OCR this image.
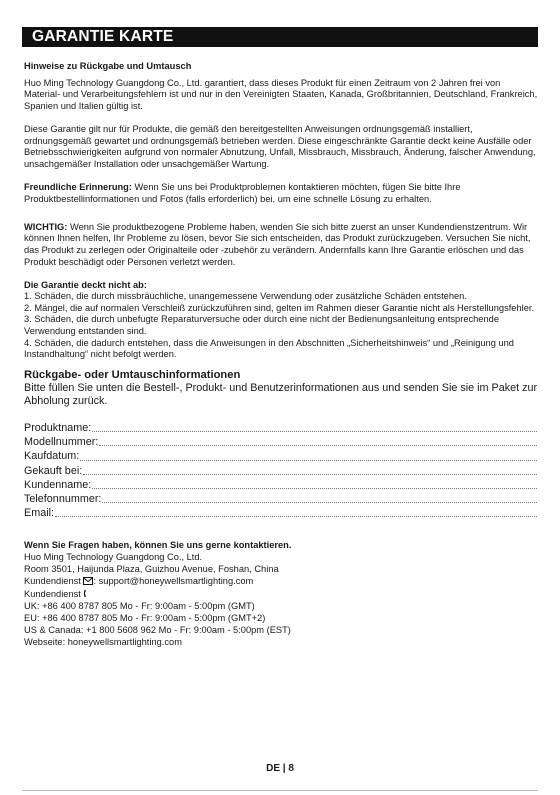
GARANTIE KARTE

Hinweise zu Rückgabe und Umtausch

Huo Ming Technology Guangdong Co., Ltd. garantiert, dass dieses Produkt für einen Zeitraum von 2 Jahren frei von Material- und Verarbeitungsfehlern ist und nur in den Vereinigten Staaten, Kanada, Großbritannien, Deutschland, Frankreich, Spanien und Italien gültig ist.

Diese Garantie gilt nur für Produkte, die gemäß den bereitgestellten Anweisungen ordnungsgemäß installiert, ordnungsgemäß gewartet und ordnungsgemäß betrieben werden. Diese eingeschränkte Garantie deckt keine Ausfälle oder Betriebsschwierigkeiten aufgrund von normaler Abnutzung, Unfall, Missbrauch, Missbrauch, Änderung, falscher Anwendung, unsachgemäßer Installation oder unsachgemäßer Wartung.

Freundliche Erinnerung: Wenn Sie uns bei Produktproblemen kontaktieren möchten, fügen Sie bitte Ihre Produktbestellinformationen und Fotos (falls erforderlich) bei, um eine schnelle Lösung zu erhalten.

WICHTIG: Wenn Sie produktbezogene Probleme haben, wenden Sie sich bitte zuerst an unser Kundendienstzentrum. Wir können Ihnen helfen, Ihr Probleme zu lösen, bevor Sie sich entscheiden, das Produkt zurückzugeben. Versuchen Sie nicht, das Produkt zu zerlegen oder Originalteile oder -zubehör zu verändern. Andernfalls kann Ihre Garantie erlöschen und das Produkt beschädigt oder Personen verletzt werden.

Die Garantie deckt nicht ab:

1. Schäden, die durch missbräuchliche, unangemessene Verwendung oder zusätzliche Schäden entstehen.

2. Mängel, die auf normalen Verschleiß zurückzuführen sind, gelten im Rahmen dieser Garantie nicht als Herstellungsfehler.

3. Schäden, die durch unbefugte Reparaturversuche oder durch eine nicht der Bedienungsanleitung entsprechende Verwendung entstanden sind.

4. Schäden, die dadurch entstehen, dass die Anweisungen in den Abschnitten „Sicherheitshinweis“ und „Reinigung und Instandhaltung“ nicht befolgt werden.

Rückgabe- oder Umtauschinformationen

Bitte füllen Sie unten die Bestell-, Produkt- und Benutzerinformationen aus und senden Sie sie im Paket zur Abholung zurück.

Produktname:
Modellnummer:
Kaufdatum:
Gekauft bei:
Kundenname:
Telefonnummer:
Email:

Wenn Sie Fragen haben, können Sie uns gerne kontaktieren.

Huo Ming Technology Guangdong Co., Ltd.

Room 3501, Haijunda Plaza, Guizhou Avenue, Foshan, China

Kundendienst : support@honeywellsmartlighting.com

Kundendienst

UK: +86 400 8787 805 Mo - Fr: 9:00am - 5:00pm (GMT)

EU: +86 400 8787 805 Mo - Fr: 9:00am - 5:00pm (GMT+2)

US & Canada: +1 800 5608 962 Mo - Fr: 9:00am - 5:00pm (EST)

Webseite: honeywellsmartlighting.com

DE | 8
